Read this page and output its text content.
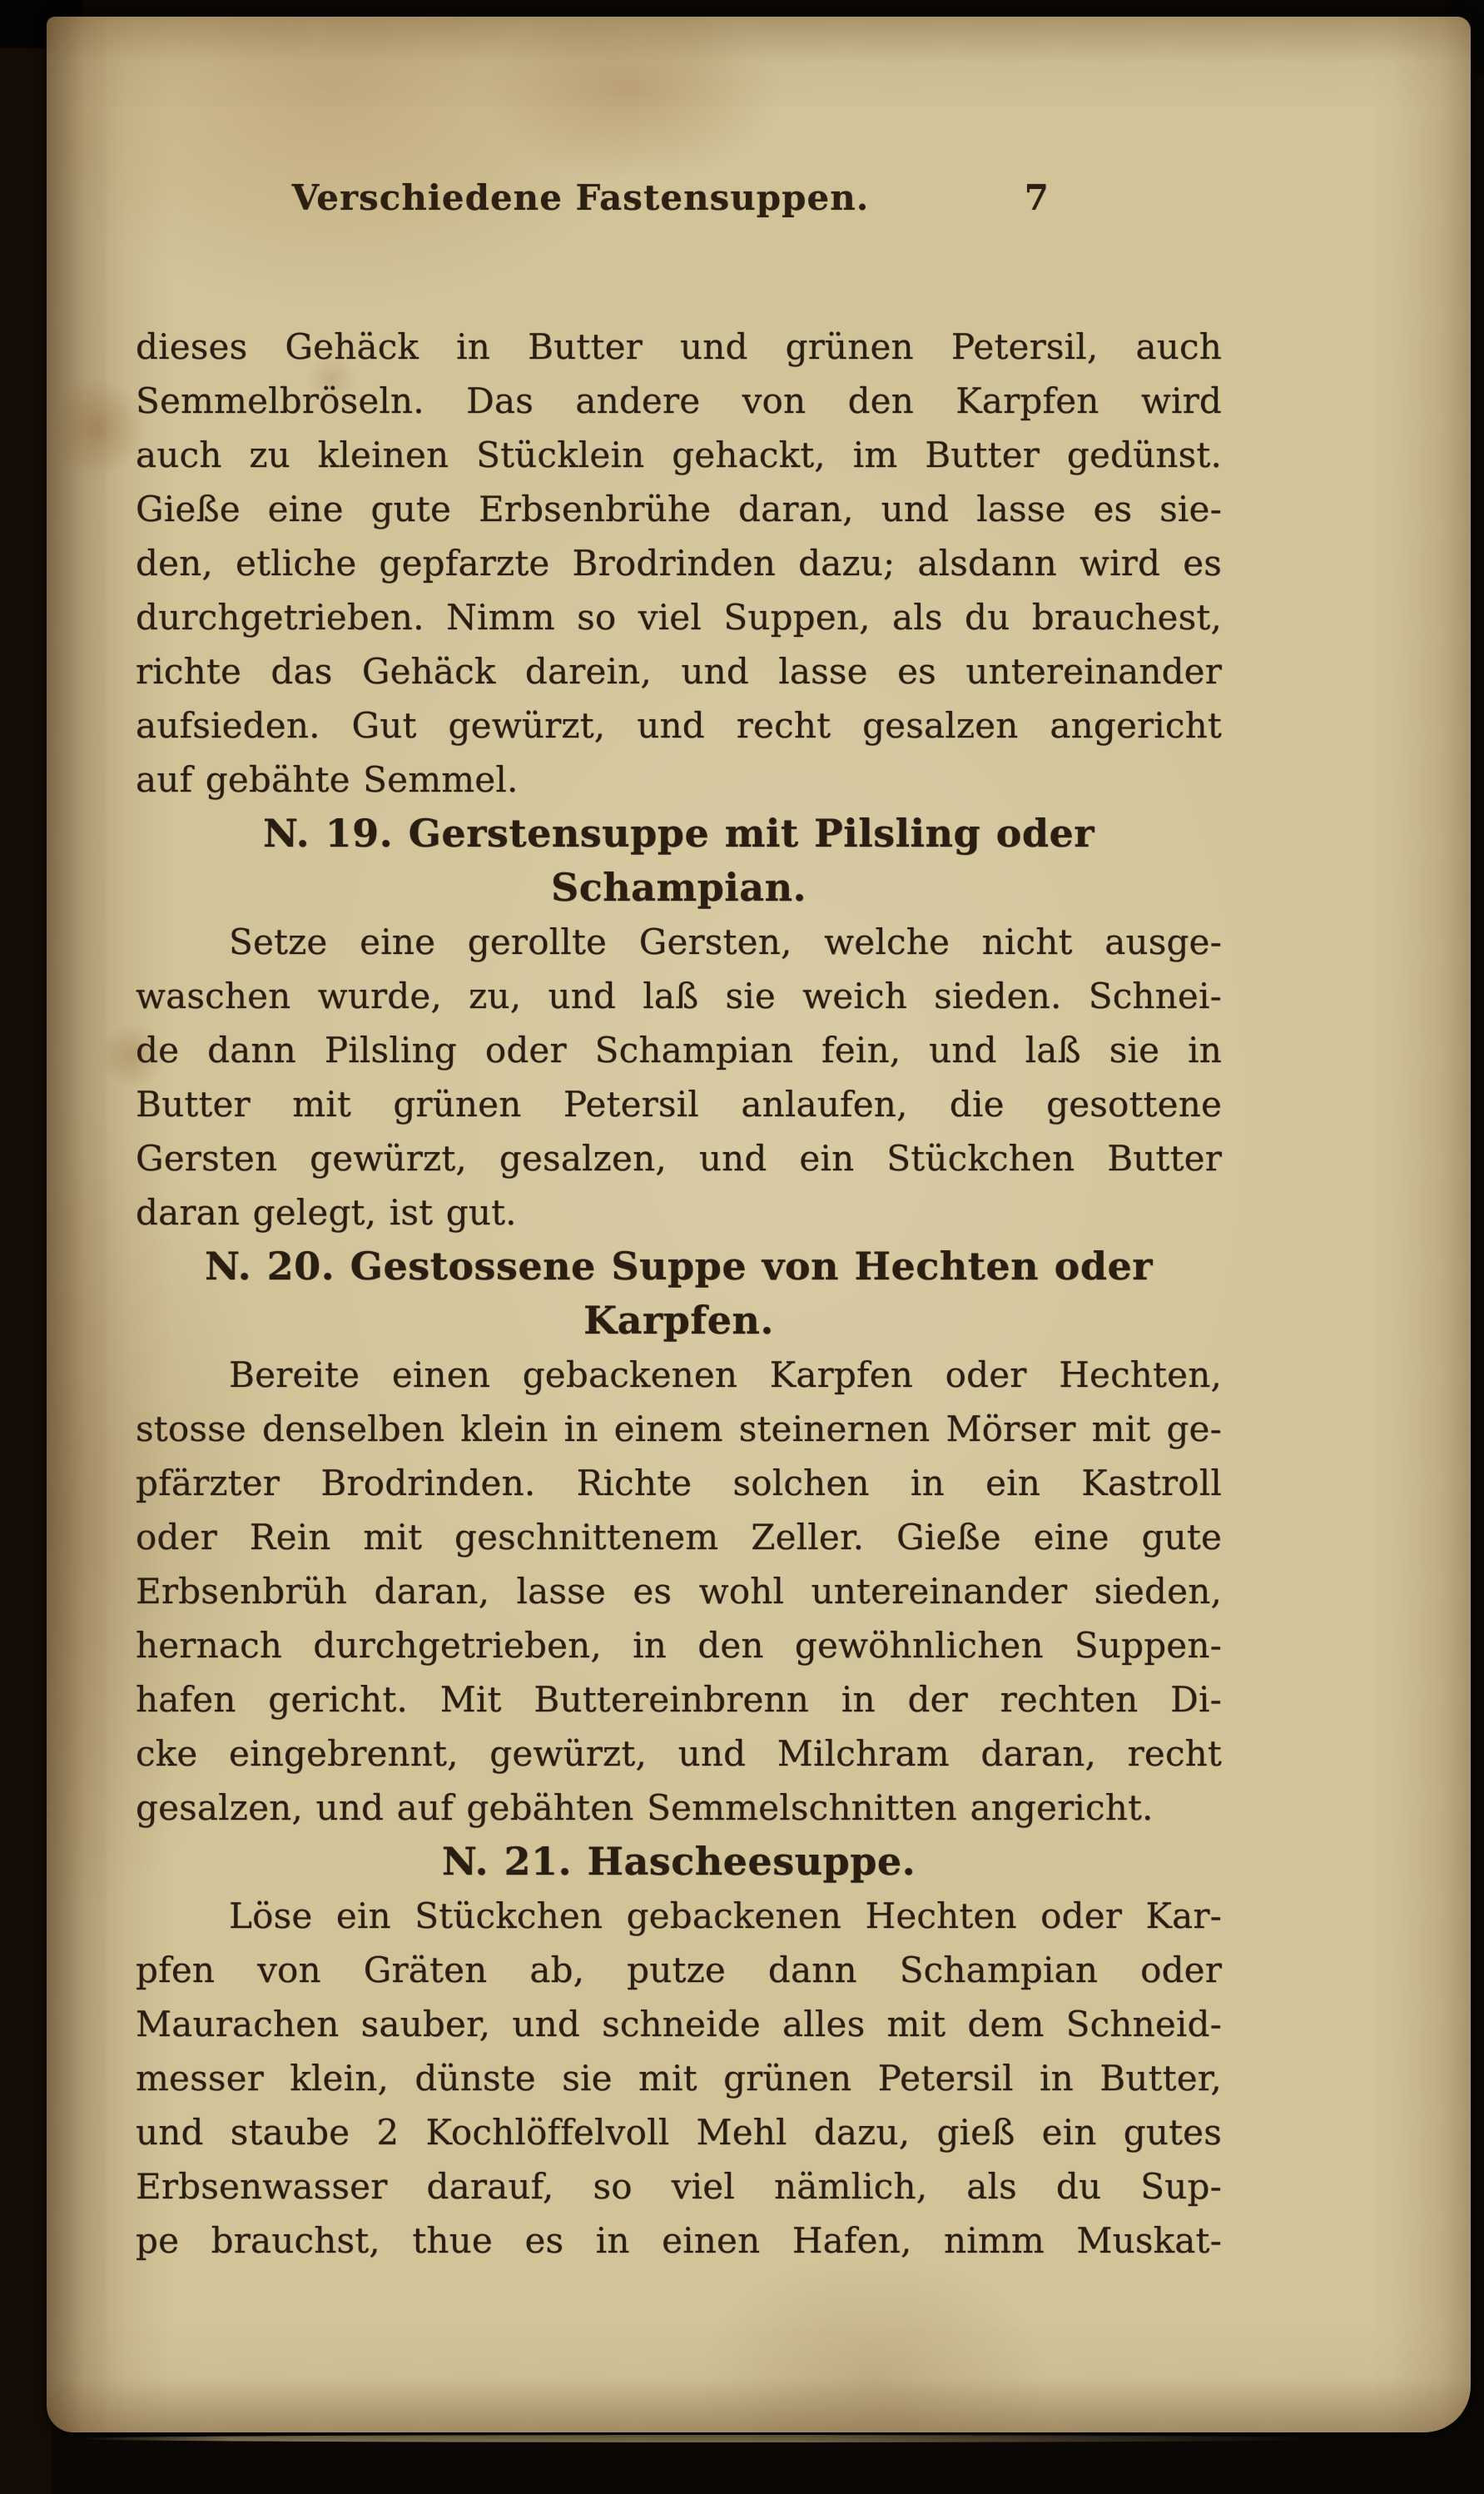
Verschiedene Fastensuppen.	7
dieses Gehäck in Butter und grünen Petersil, auch
Semmelbröseln. Das andere von den Karpfen wird
auch zu kleinen Stücklein gehackt, im Butter gedünst.
Gieße eine gute Erbsenbrühe daran, und lasse es sie-
den, etliche gepfarzte Brodrinden dazu; alsdann wird es
durchgetrieben. Nimm so viel Suppen, als du brauchest,
richte das Gehäck darein, und lasse es untereinander
aufsieden. Gut gewürzt, und recht gesalzen angericht
auf gebähte Semmel.
N. 19. Gerstensuppe mit Pilsling oder
Schampian.
Setze eine gerollte Gersten, welche nicht ausge-
waschen wurde, zu, und laß sie weich sieden. Schnei-
de dann Pilsling oder Schampian fein, und laß sie in
Butter mit grünen Petersil anlaufen, die gesottene
Gersten gewürzt, gesalzen, und ein Stückchen Butter
daran gelegt, ist gut.
N. 20. Gestossene Suppe von Hechten oder
Karpfen.
Bereite einen gebackenen Karpfen oder Hechten,
stosse denselben klein in einem steinernen Mörser mit ge-
pfärzter Brodrinden. Richte solchen in ein Kastroll
oder Rein mit geschnittenem Zeller. Gieße eine gute
Erbsenbrüh daran, lasse es wohl untereinander sieden,
hernach durchgetrieben, in den gewöhnlichen Suppen-
hafen gericht. Mit Buttereinbrenn in der rechten Di-
cke eingebrennt, gewürzt, und Milchram daran, recht
gesalzen, und auf gebähten Semmelschnitten angericht.
N. 21. Hascheesuppe.
Löse ein Stückchen gebackenen Hechten oder Kar-
pfen von Gräten ab, putze dann Schampian oder
Maurachen sauber, und schneide alles mit dem Schneid-
messer klein, dünste sie mit grünen Petersil in Butter,
und staube 2 Kochlöffelvoll Mehl dazu, gieß ein gutes
Erbsenwasser darauf, so viel nämlich, als du Sup-
pe brauchst, thue es in einen Hafen, nimm Muskat-
